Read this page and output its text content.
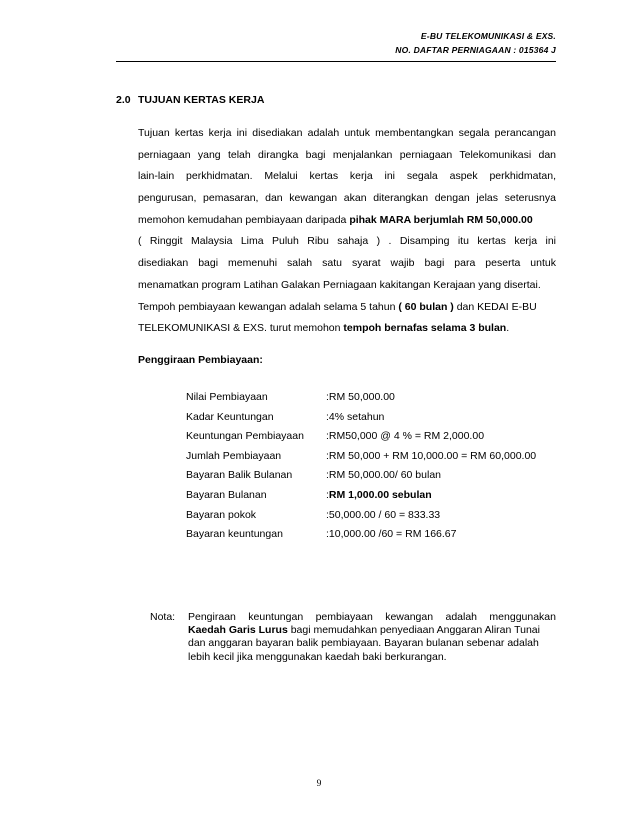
E-BU TELEKOMUNIKASI & EXS.
NO. DAFTAR PERNIAGAAN : 015364 J
2.0 TUJUAN KERTAS KERJA
Tujuan kertas kerja ini disediakan adalah untuk membentangkan segala perancangan
perniagaan yang telah dirangka bagi menjalankan perniagaan Telekomunikasi dan
lain-lain perkhidmatan. Melalui kertas kerja ini segala aspek perkhidmatan,
pengurusan, pemasaran, dan kewangan akan diterangkan dengan jelas seterusnya
memohon kemudahan pembiayaan daripada pihak MARA berjumlah RM 50,000.00
( Ringgit Malaysia Lima Puluh Ribu sahaja ) . Disamping itu kertas kerja ini
disediakan bagi memenuhi salah satu syarat wajib bagi para peserta untuk
menamatkan program Latihan Galakan Perniagaan kakitangan Kerajaan yang disertai.
Tempoh pembiayaan kewangan adalah selama 5 tahun ( 60 bulan ) dan KEDAI E-BU
TELEKOMUNIKASI & EXS. turut memohon tempoh bernafas selama 3 bulan.
Penggiraan Pembiayaan:
Nilai Pembiayaan	:RM 50,000.00
Kadar Keuntungan	:4% setahun
Keuntungan Pembiayaan :RM50,000 @ 4 % = RM 2,000.00
Jumlah Pembiayaan	:RM 50,000 + RM 10,000.00 = RM 60,000.00
Bayaran Balik Bulanan	:RM 50,000.00/ 60 bulan
Bayaran Bulanan	:RM 1,000.00 sebulan
Bayaran pokok	:50,000.00 / 60 = 833.33
Bayaran keuntungan	:10,000.00 /60 = RM 166.67
Nota: Pengiraan keuntungan pembiayaan kewangan adalah menggunakan
Kaedah Garis Lurus bagi memudahkan penyediaan Anggaran Aliran Tunai
dan anggaran bayaran balik pembiayaan. Bayaran bulanan sebenar adalah
lebih kecil jika menggunakan kaedah baki berkurangan.
9
